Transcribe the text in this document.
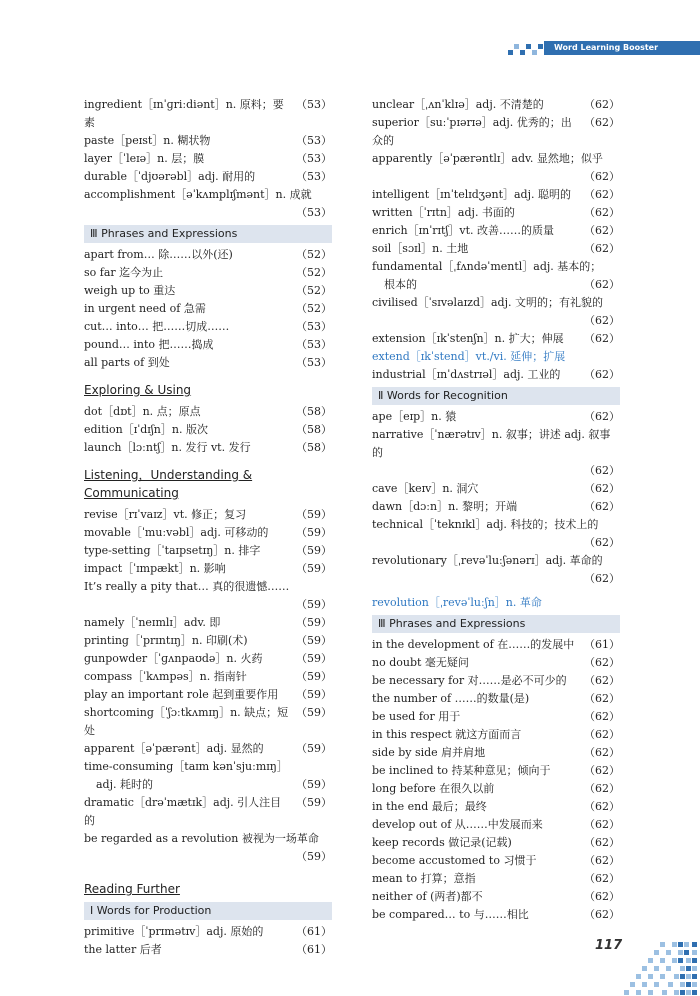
Word Learning Booster
ingredient［ɪnˈɡriːdiənt］n. 原料；要素
（53）
paste［peɪst］n. 糊状物	（53）
layer［ˈleɪə］n. 层；膜	（53）
durable［ˈdjʊərəbl］adj. 耐用的	（53）
accomplishment［əˈkʌmplɪʃmənt］n. 成就
（53）
Ⅲ Phrases and Expressions
apart from… 除……以外(还)	（52）
so far 迄今为止	（52）
weigh up to 重达	（52）
in urgent need of 急需	（52）
cut… into… 把……切成……	（53）
pound… into 把……捣成	（53）
all parts of 到处	（53）
Exploring & Using
dot［dɒt］n. 点；原点	（58）
edition［ɪˈdɪʃn］n. 版次	（58）
launch［lɔːntʃ］n. 发行 vt. 发行	（58）
Listening，Understanding & Communicating
revise［rɪˈvaɪz］vt. 修正；复习	（59）
movable［ˈmuːvəbl］adj. 可移动的	（59）
type-setting［ˈtaɪpsetɪŋ］n. 排字	（59）
impact［ˈɪmpækt］n. 影响	（59）
It’s really a pity that… 真的很遗憾……
（59）
namely［ˈneɪmlɪ］adv. 即	（59）
printing［ˈprɪntɪŋ］n. 印刷(术)	（59）
gunpowder［ˈɡʌnpaʊdə］n. 火药	（59）
compass［ˈkʌmpəs］n. 指南针	（59）
play an important role 起到重要作用	（59）
shortcoming［ˈʃɔːtkʌmɪŋ］n. 缺点；短处
（59）
apparent［əˈpærənt］adj. 显然的	（59）
time-consuming［taɪm kənˈsjuːmɪŋ］
adj. 耗时的	（59）
dramatic［drəˈmætɪk］adj. 引人注目的
（59）
be regarded as a revolution 被视为一场革命
（59）
Reading Further
Ⅰ Words for Production
primitive［ˈprɪmətɪv］adj. 原始的	（61）
the latter 后者	（61）
unclear［ˌʌnˈklɪə］adj. 不清楚的	（62）
superior［suːˈpɪərɪə］adj. 优秀的；出众的
（62）
apparently［əˈpærəntlɪ］adv. 显然地；似乎
（62）
intelligent［ɪnˈtelɪdʒənt］adj. 聪明的	（62）
written［ˈrɪtn］adj. 书面的	（62）
enrich［ɪnˈrɪtʃ］vt. 改善……的质量	（62）
soil［sɔɪl］n. 土地	（62）
fundamental［ˌfʌndəˈmentl］adj. 基本的；
根本的	（62）
civilised［ˈsɪvəlaɪzd］adj. 文明的；有礼貌的
（62）
extension［ɪkˈstenʃn］n. 扩大；伸展	（62）
extend［ɪkˈstend］vt./vi. 延伸；扩展
industrial［ɪnˈdʌstrɪəl］adj. 工业的	（62）
Ⅱ Words for Recognition
ape［eɪp］n. 猿	（62）
narrative［ˈnærətɪv］n. 叙事；讲述 adj. 叙事的
（62）
cave［keɪv］n. 洞穴	（62）
dawn［dɔːn］n. 黎明；开端	（62）
technical［ˈteknɪkl］adj. 科技的；技术上的
（62）
revolutionary［ˌrevəˈluːʃənərɪ］adj. 革命的
（62）
revolution［ˌrevəˈluːʃn］n. 革命
Ⅲ Phrases and Expressions
in the development of 在……的发展中 （61）
no doubt 毫无疑问	（62）
be necessary for 对……是必不可少的	（62）
the number of ……的数量(是)	（62）
be used for 用于	（62）
in this respect 就这方面而言	（62）
side by side 肩并肩地	（62）
be inclined to 持某种意见；倾向于	（62）
long before 在很久以前	（62）
in the end 最后；最终	（62）
develop out of 从……中发展而来	（62）
keep records 做记录(记载)	（62）
become accustomed to 习惯于	（62）
mean to 打算；意指	（62）
neither of (两者)都不	（62）
be compared… to 与……相比	（62）
117
